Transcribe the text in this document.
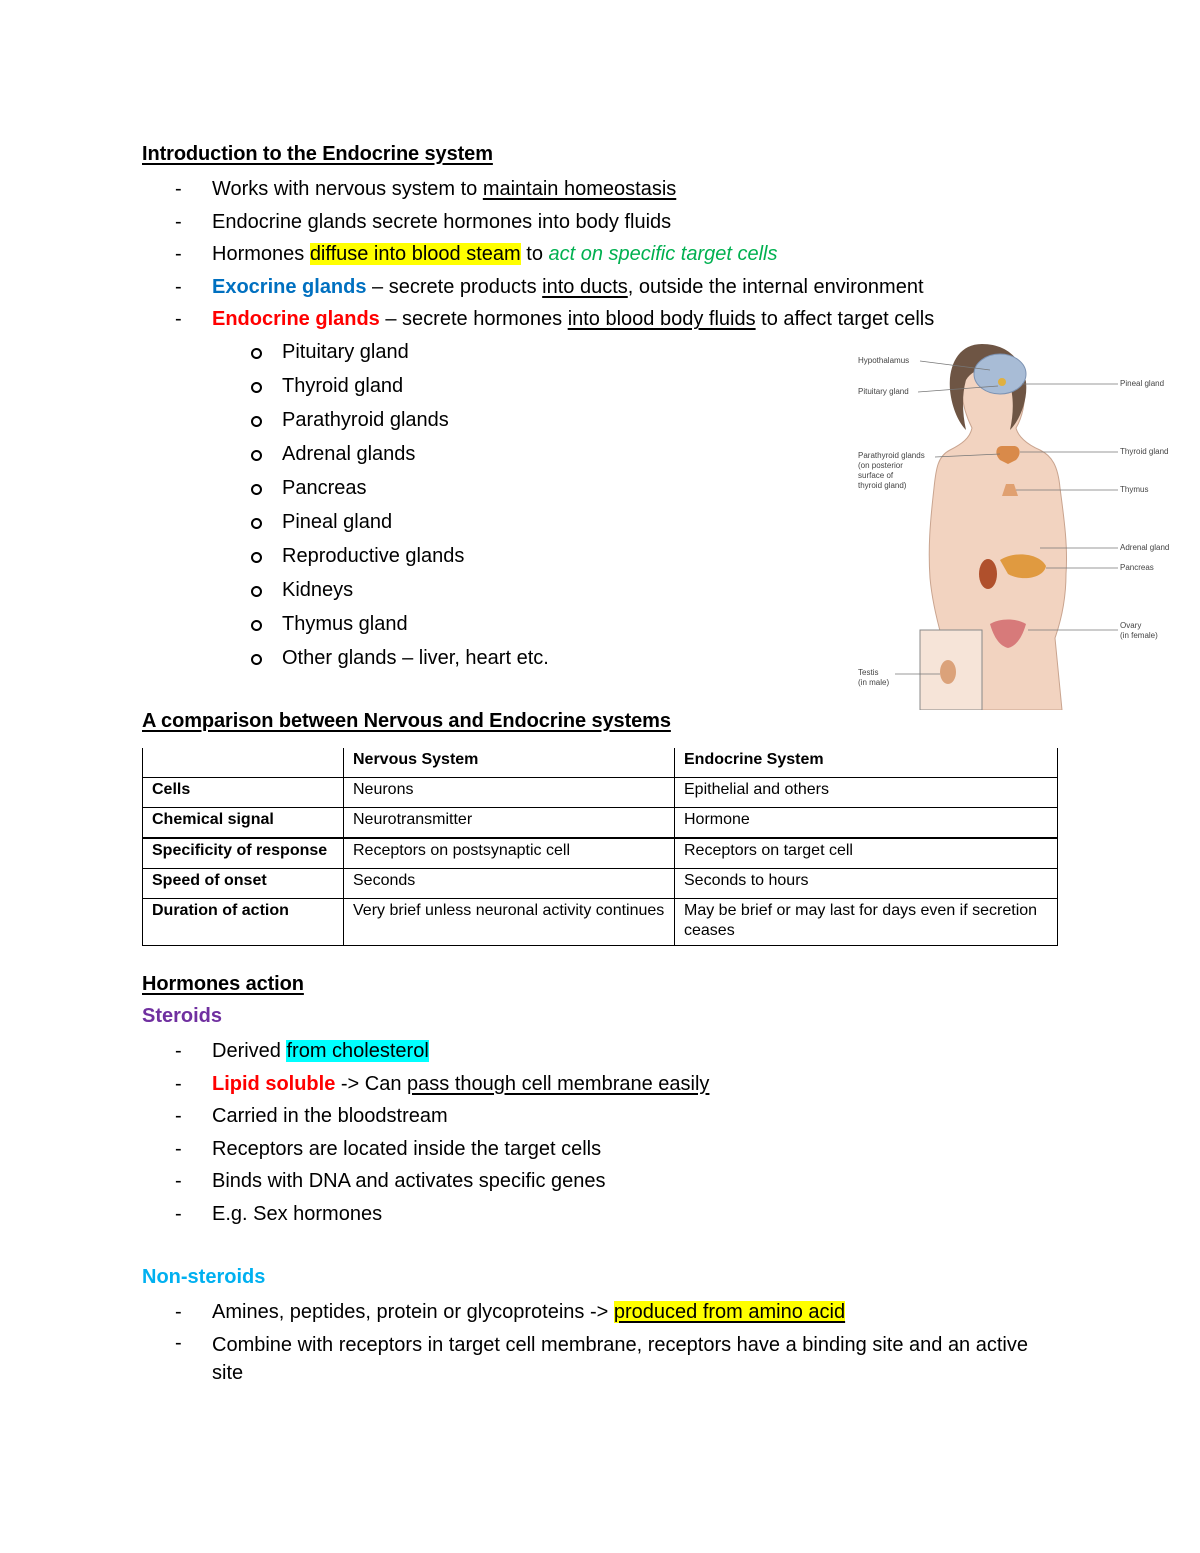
Introduction to the Endocrine system
- Works with nervous system to maintain homeostasis
- Endocrine glands secrete hormones into body fluids
- Hormones diffuse into blood steam to act on specific target cells
- Exocrine glands – secrete products into ducts, outside the internal environment
- Endocrine glands – secrete hormones into blood body fluids to affect target cells
Pituitary gland
Thyroid gland
Parathyroid glands
Adrenal glands
Pancreas
Pineal gland
Reproductive glands
Kidneys
Thymus gland
Other glands – liver, heart etc.
Hypothalamus
Pituitary gland
Parathyroid glands
(on posterior
surface of
thyroid gland)
Testis
(in male)
Pineal gland
Thyroid gland
Thymus
Adrenal gland
Pancreas
Ovary
(in female)
A comparison between Nervous and Endocrine systems
	Nervous System	Endocrine System
Cells	Neurons	Epithelial and others
Chemical signal	Neurotransmitter	Hormone
Specificity of response	Receptors on postsynaptic cell	Receptors on target cell
Speed of onset	Seconds	Seconds to hours
Duration of action	Very brief unless neuronal activity continues	May be brief or may last for days even if secretion ceases
Hormones action
Steroids
- Derived from cholesterol
- Lipid soluble -> Can pass though cell membrane easily
- Carried in the bloodstream
- Receptors are located inside the target cells
- Binds with DNA and activates specific genes
- E.g. Sex hormones
Non-steroids
- Amines, peptides, protein or glycoproteins -> produced from amino acid
- Combine with receptors in target cell membrane, receptors have a binding site and an active site
